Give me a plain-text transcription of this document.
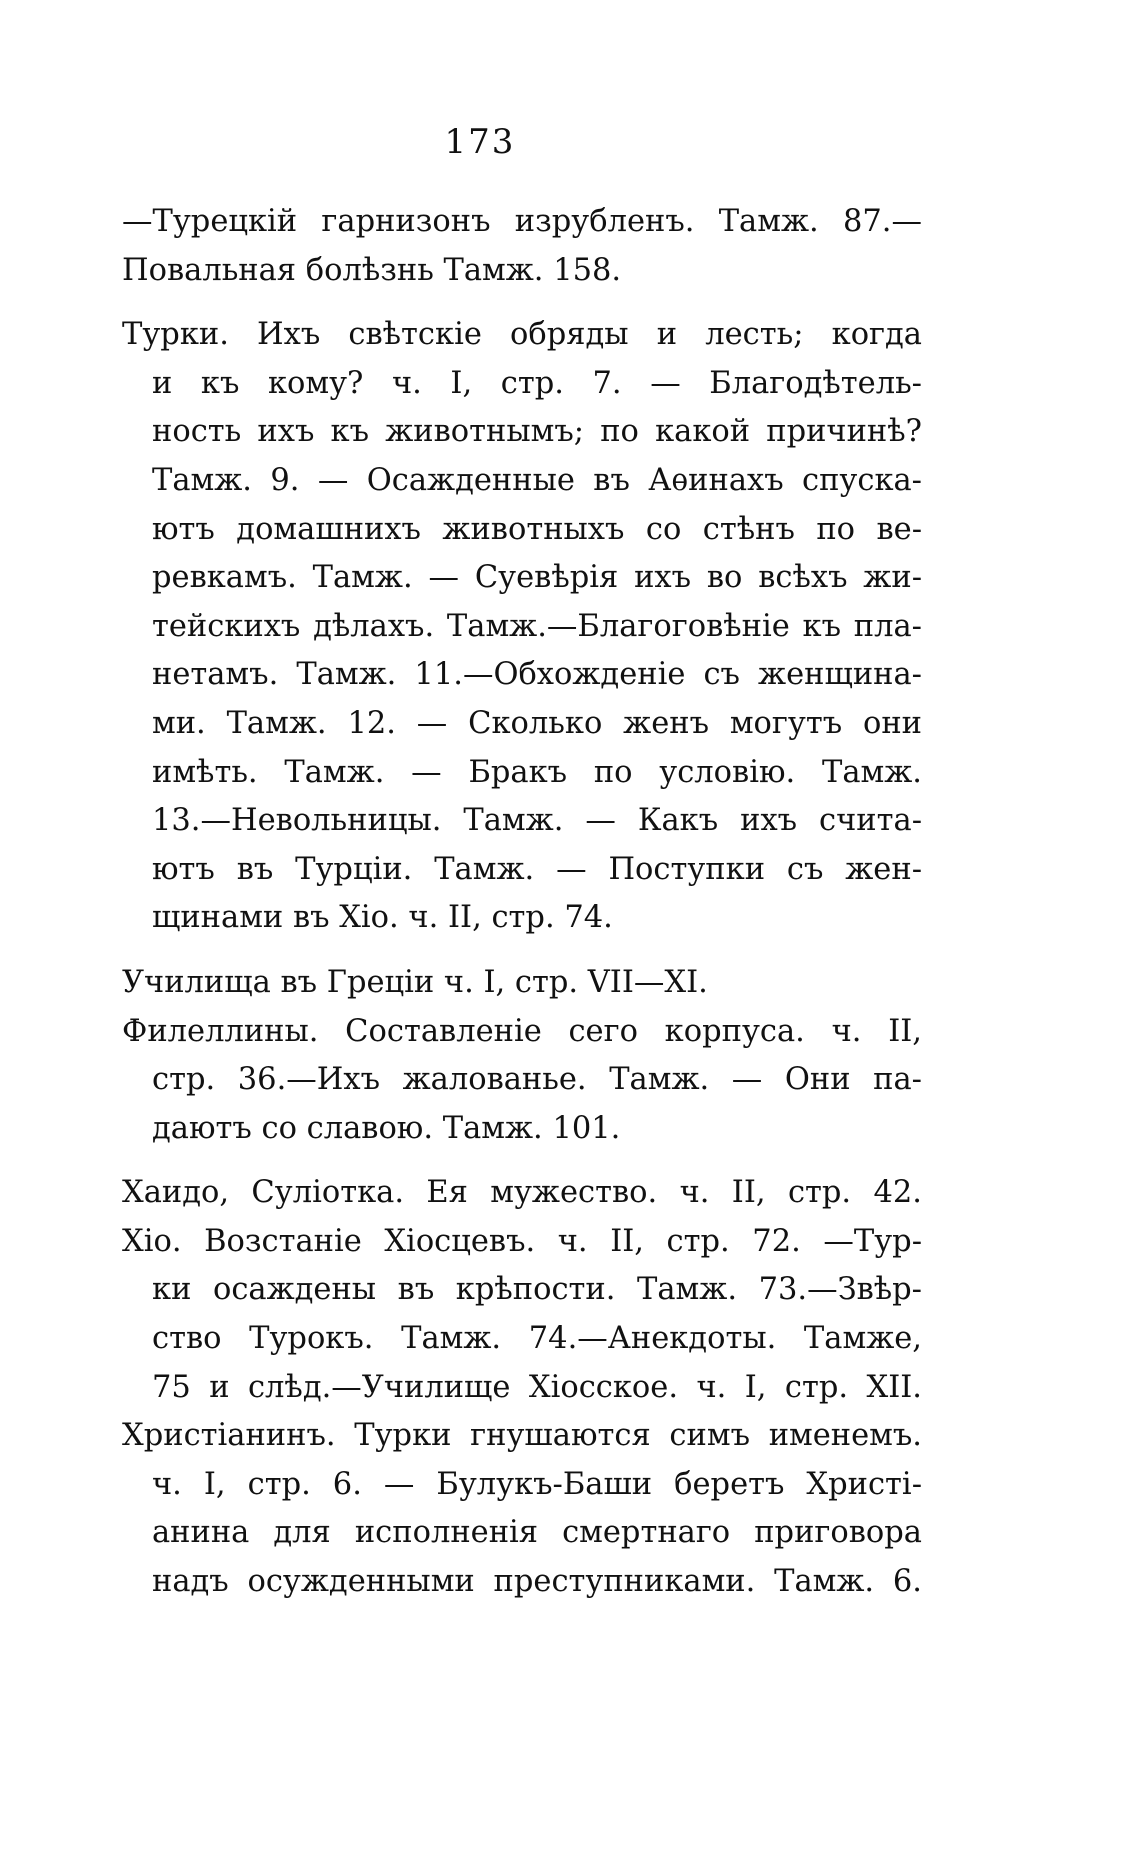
173
—Турецкій гарнизонъ изрубленъ. Тамж. 87.—
Повальная болѣзнь Тамж. 158.
Турки. Ихъ свѣтскіе обряды и лесть; когда
и къ кому? ч. I, стр. 7. — Благодѣтель-
ность ихъ къ животнымъ; по какой причинѣ?
Тамж. 9. — Осажденные въ Аѳинахъ спуска-
ютъ домашнихъ животныхъ со стѣнъ по ве-
ревкамъ. Тамж. — Суевѣрія ихъ во всѣхъ жи-
тейскихъ дѣлахъ. Тамж.—Благоговѣніе къ пла-
нетамъ. Тамж. 11.—Обхожденіе съ женщина-
ми. Тамж. 12. — Сколько женъ могутъ они
имѣть. Тамж. — Бракъ по условію. Тамж.
13.—Невольницы. Тамж. — Какъ ихъ счита-
ютъ въ Турціи. Тамж. — Поступки съ жен-
щинами въ Хіо. ч. II, стр. 74.
Училища въ Греціи ч. I, стр. VII—XI.
Филеллины. Составленіе сего корпуса. ч. II,
стр. 36.—Ихъ жалованье. Тамж. — Они па-
даютъ со славою. Тамж. 101.
Хаидо, Суліотка. Ея мужество. ч. II, стр. 42.
Хіо. Возстаніе Хіосцевъ. ч. II, стр. 72. —Тур-
ки осаждены въ крѣпости. Тамж. 73.—Звѣр-
ство Турокъ. Тамж. 74.—Анекдоты. Тамже,
75 и слѣд.—Училище Хіосское. ч. I, стр. XII.
Христіанинъ. Турки гнушаются симъ именемъ.
ч. I, стр. 6. — Булукъ-Баши беретъ Христі-
анина для исполненія смертнаго приговора
надъ осужденными преступниками. Тамж. 6.
